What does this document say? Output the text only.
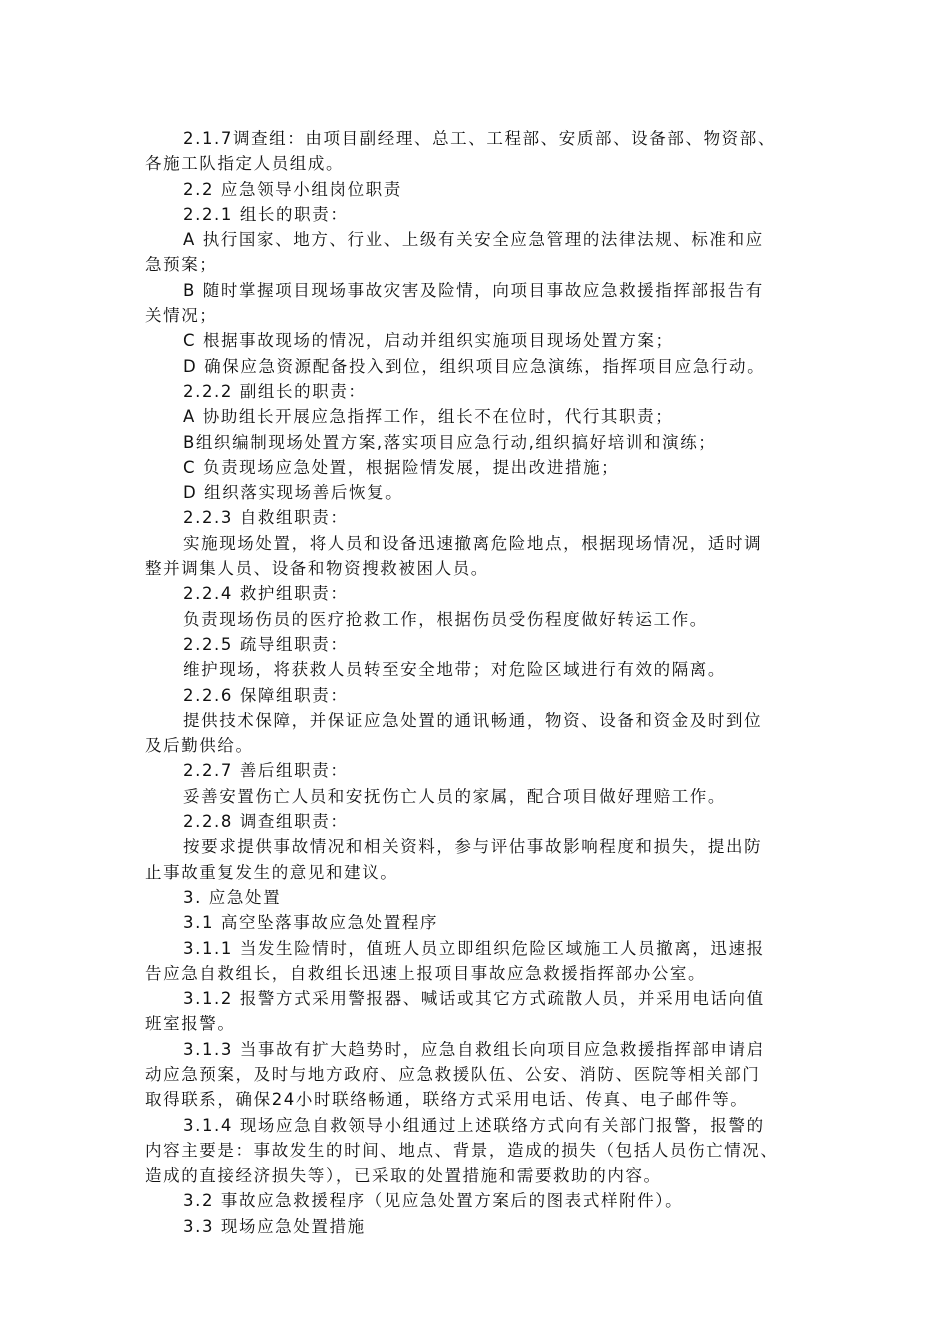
2.1.7调查组：由项目副经理、总工、工程部、安质部、设备部、物资部、

各施工队指定人员组成。

2.2 应急领导小组岗位职责

2.2.1 组长的职责：

A 执行国家、地方、行业、上级有关安全应急管理的法律法规、标准和应

急预案；

B 随时掌握项目现场事故灾害及险情，向项目事故应急救援指挥部报告有

关情况；

C 根据事故现场的情况，启动并组织实施项目现场处置方案；

D 确保应急资源配备投入到位，组织项目应急演练，指挥项目应急行动。

2.2.2 副组长的职责：

A 协助组长开展应急指挥工作，组长不在位时，代行其职责；

B组织编制现场处置方案,落实项目应急行动,组织搞好培训和演练；

C 负责现场应急处置，根据险情发展，提出改进措施；

D 组织落实现场善后恢复。

2.2.3 自救组职责：

实施现场处置，将人员和设备迅速撤离危险地点，根据现场情况，适时调

整并调集人员、设备和物资搜救被困人员。

2.2.4 救护组职责：

负责现场伤员的医疗抢救工作，根据伤员受伤程度做好转运工作。

2.2.5 疏导组职责：

维护现场，将获救人员转至安全地带；对危险区域进行有效的隔离。

2.2.6 保障组职责：

提供技术保障，并保证应急处置的通讯畅通，物资、设备和资金及时到位

及后勤供给。

2.2.7 善后组职责：

妥善安置伤亡人员和安抚伤亡人员的家属，配合项目做好理赔工作。

2.2.8 调查组职责：

按要求提供事故情况和相关资料，参与评估事故影响程度和损失，提出防

止事故重复发生的意见和建议。

3. 应急处置

3.1 高空坠落事故应急处置程序

3.1.1 当发生险情时，值班人员立即组织危险区域施工人员撤离，迅速报

告应急自救组长，自救组长迅速上报项目事故应急救援指挥部办公室。

3.1.2 报警方式采用警报器、喊话或其它方式疏散人员，并采用电话向值

班室报警。

3.1.3 当事故有扩大趋势时，应急自救组长向项目应急救援指挥部申请启

动应急预案，及时与地方政府、应急救援队伍、公安、消防、医院等相关部门

取得联系，确保24小时联络畅通，联络方式采用电话、传真、电子邮件等。

3.1.4 现场应急自救领导小组通过上述联络方式向有关部门报警，报警的

内容主要是：事故发生的时间、地点、背景，造成的损失（包括人员伤亡情况、

造成的直接经济损失等），已采取的处置措施和需要救助的内容。

3.2 事故应急救援程序（见应急处置方案后的图表式样附件）。

3.3 现场应急处置措施
